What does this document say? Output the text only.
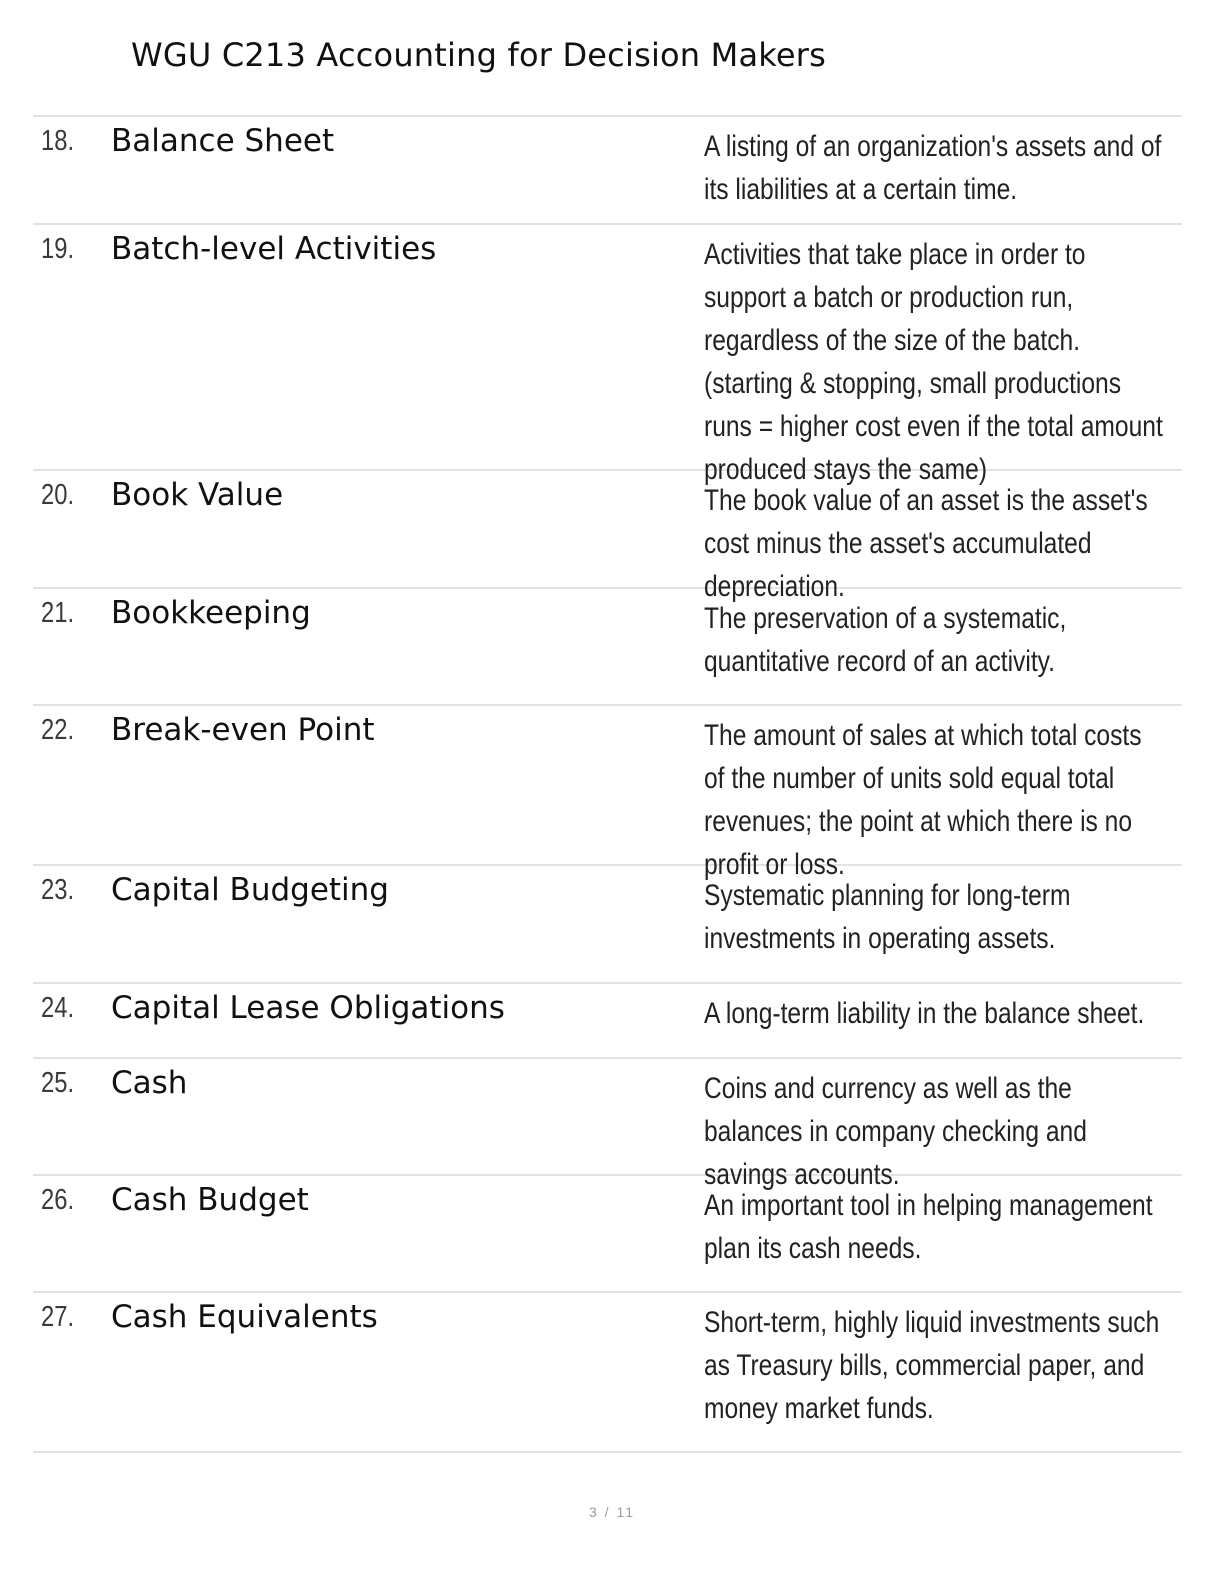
WGU C213 Accounting for Decision Makers
18. Balance Sheet	A listing of an organization's assets and of its liabilities at a certain time.
19. Batch-level Activities	Activities that take place in order to support a batch or production run, regardless of the size of the batch. (starting & stopping, small productions runs = higher cost even if the total amount produced stays the same)
20. Book Value	The book value of an asset is the asset's cost minus the asset's accumulated depreciation.
21. Bookkeeping	The preservation of a systematic, quantitative record of an activity.
22. Break-even Point	The amount of sales at which total costs of the number of units sold equal total revenues; the point at which there is no profit or loss.
23. Capital Budgeting	Systematic planning for long-term investments in operating assets.
24. Capital Lease Obligations	A long-term liability in the balance sheet.
25. Cash	Coins and currency as well as the balances in company checking and savings accounts.
26. Cash Budget	An important tool in helping management plan its cash needs.
27. Cash Equivalents	Short-term, highly liquid investments such as Treasury bills, commercial paper, and money market funds.
3 / 11
